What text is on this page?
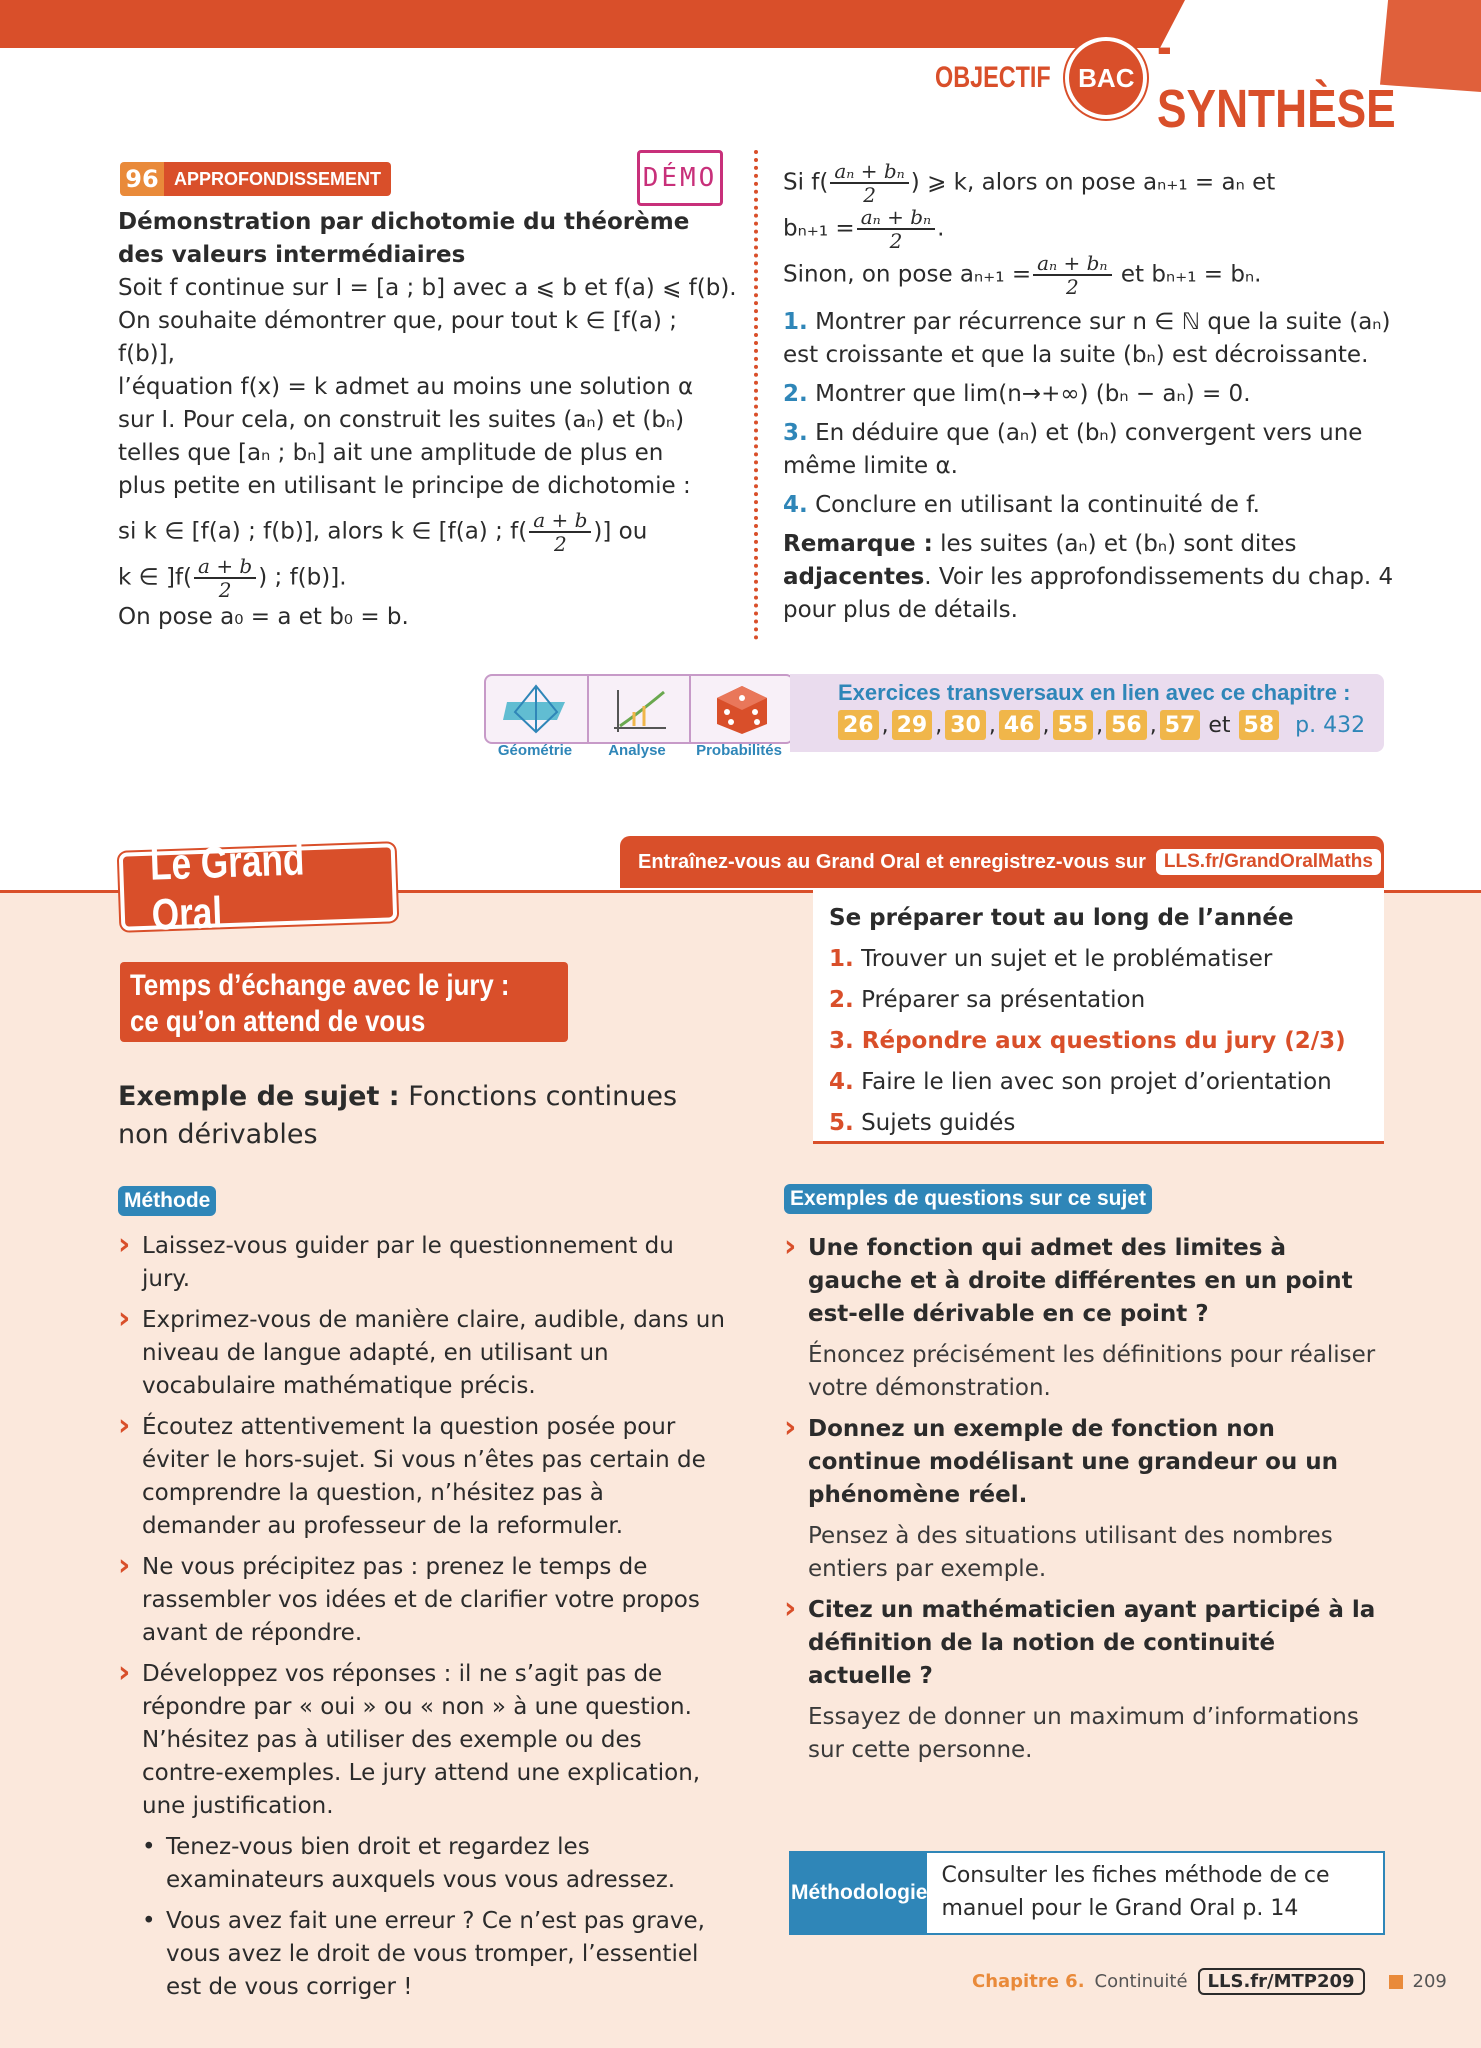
OBJECTIF	BAC
- SYNTHÈSE
96 APPROFONDISSEMENT	DÉMO

Démonstration par dichotomie du théorème

des valeurs intermédiaires

Soit f continue sur I = [a ; b] avec a ⩽ b et f(a) ⩽ f(b).

On souhaite démontrer que, pour tout k ∈ [f(a) ; f(b)],

l’équation f(x) = k admet au moins une solution α

sur I. Pour cela, on construit les suites (aₙ) et (bₙ)

telles que [aₙ ; bₙ] ait une amplitude de plus en

plus petite en utilisant le principe de dichotomie :

si k ∈ [f(a) ; f(b)], alors k ∈ [f(a) ; $f( \frac{a + b}{2}$ )] ou

k ∈ ]$f( \frac{a + b}{2}$ ) ; f(b)].

On pose a₀ = a et b₀ = b.

Si $f( \frac{\text{aₙ + bₙ}}{2}$ ) ⩾ k, alors on pose aₙ₊₁ = aₙ et

$b_{n+1} = \frac{\text{aₙ + bₙ}}{2}$ .

Sinon, on pose $a_{n+1} = \frac{\text{aₙ + bₙ}}{2}$ et bₙ₊₁ = bₙ.

1. Montrer par récurrence sur n ∈ ℕ que la suite (aₙ) est croissante et que la suite (bₙ) est décroissante.

2. Montrer que lim(n→+∞) (bₙ − aₙ) = 0.

3. En déduire que (aₙ) et (bₙ) convergent vers une même limite α.

4. Conclure en utilisant la continuité de f.

Remarque : les suites (aₙ) et (bₙ) sont dites adjacentes. Voir les approfondissements du chap. 4 pour plus de détails.

Géométrie	Analyse	Probabilités
Exercices transversaux en lien avec ce chapitre :
26 , 29 , 30 , 46 , 55 , 56 , 57 et 58 p. 432
Le Grand Oral
Entraînez-vous au Grand Oral et enregistrez-vous sur LLS.fr/GrandOralMaths
Se préparer tout au long de l’année
1. Trouver un sujet et le problématiser
2. Préparer sa présentation
3. Répondre aux questions du jury (2/3)
4. Faire le lien avec son projet d’orientation
5. Sujets guidés
Temps d’échange avec le jury :
ce qu’on attend de vous
Exemple de sujet : Fonctions continues non dérivables
Méthode
› Laissez-vous guider par le questionnement du jury.
› Exprimez-vous de manière claire, audible, dans un niveau de langue adapté, en utilisant un vocabulaire mathématique précis.
› Écoutez attentivement la question posée pour éviter le hors-sujet. Si vous n’êtes pas certain de comprendre la question, n’hésitez pas à demander au professeur de la reformuler.
› Ne vous précipitez pas : prenez le temps de rassembler vos idées et de clarifier votre propos avant de répondre.
› Développez vos réponses : il ne s’agit pas de répondre par « oui » ou « non » à une question. N’hésitez pas à utiliser des exemple ou des contre-exemples. Le jury attend une explication, une justification.
• Tenez-vous bien droit et regardez les examinateurs auxquels vous vous adressez.
• Vous avez fait une erreur ? Ce n’est pas grave, vous avez le droit de vous tromper, l’essentiel est de vous corriger !
Exemples de questions sur ce sujet
› Une fonction qui admet des limites à gauche et à droite différentes en un point est-elle dérivable en ce point ?
Énoncez précisément les définitions pour réaliser votre démonstration.
› Donnez un exemple de fonction non continue modélisant une grandeur ou un phénomène réel.
Pensez à des situations utilisant des nombres entiers par exemple.
› Citez un mathématicien ayant participé à la définition de la notion de continuité actuelle ?
Essayez de donner un maximum d’informations sur cette personne.
Méthodologie
Consulter les fiches méthode de ce manuel pour le Grand Oral p. 14
Chapitre 6. Continuité	LLS.fr/MTP209	209
